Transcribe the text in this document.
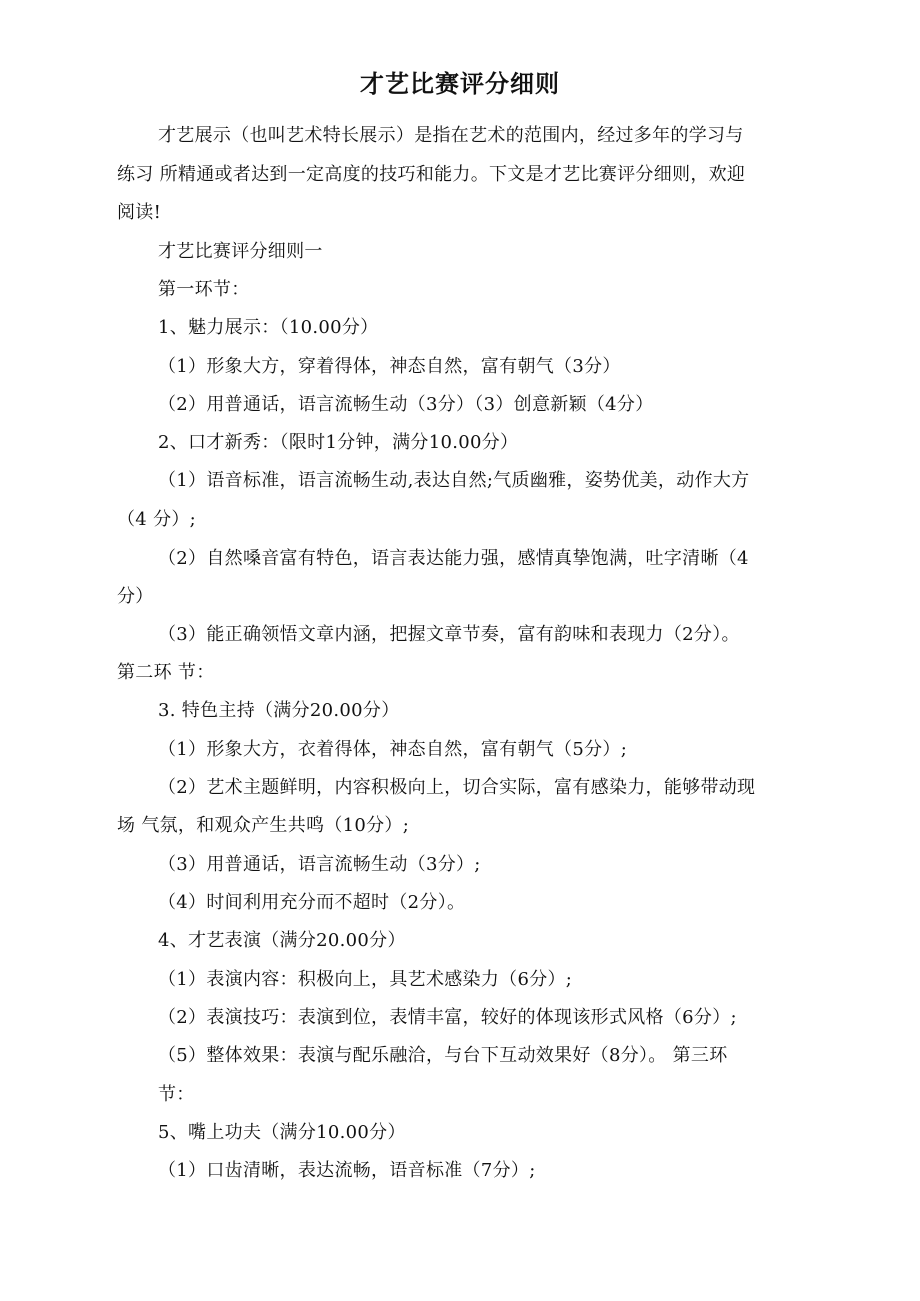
才艺比赛评分细则
才艺展示（也叫艺术特长展示）是指在艺术的范围内，经过多年的学习与
练习 所精通或者达到一定高度的技巧和能力。下文是才艺比赛评分细则，欢迎
阅读!
才艺比赛评分细则一
第一环节：
1、魅力展示：（10.00分）
（1）形象大方，穿着得体，神态自然，富有朝气（3分）
（2）用普通话，语言流畅生动（3分）（3）创意新颖（4分）
2、口才新秀：（限时1分钟，满分10.00分）
（1）语音标准，语言流畅生动,表达自然;气质幽雅，姿势优美，动作大方
（4 分）;
（2）自然嗓音富有特色，语言表达能力强，感情真挚饱满，吐字清晰（4
分）
（3）能正确领悟文章内涵，把握文章节奏，富有韵味和表现力（2分）。
第二环 节：
3. 特色主持（满分20.00分）
（1）形象大方，衣着得体，神态自然，富有朝气（5分）;
（2）艺术主题鲜明，内容积极向上，切合实际，富有感染力，能够带动现
场 气氛，和观众产生共鸣（10分）;
（3）用普通话，语言流畅生动（3分）;
（4）时间利用充分而不超时（2分）。
4、才艺表演（满分20.00分）
（1）表演内容：积极向上，具艺术感染力（6分）;
（2）表演技巧：表演到位，表情丰富，较好的体现该形式风格（6分）;
（5）整体效果：表演与配乐融洽，与台下互动效果好（8分）。 第三环
节：
5、嘴上功夫（满分10.00分）
（1）口齿清晰，表达流畅，语音标准（7分）;
